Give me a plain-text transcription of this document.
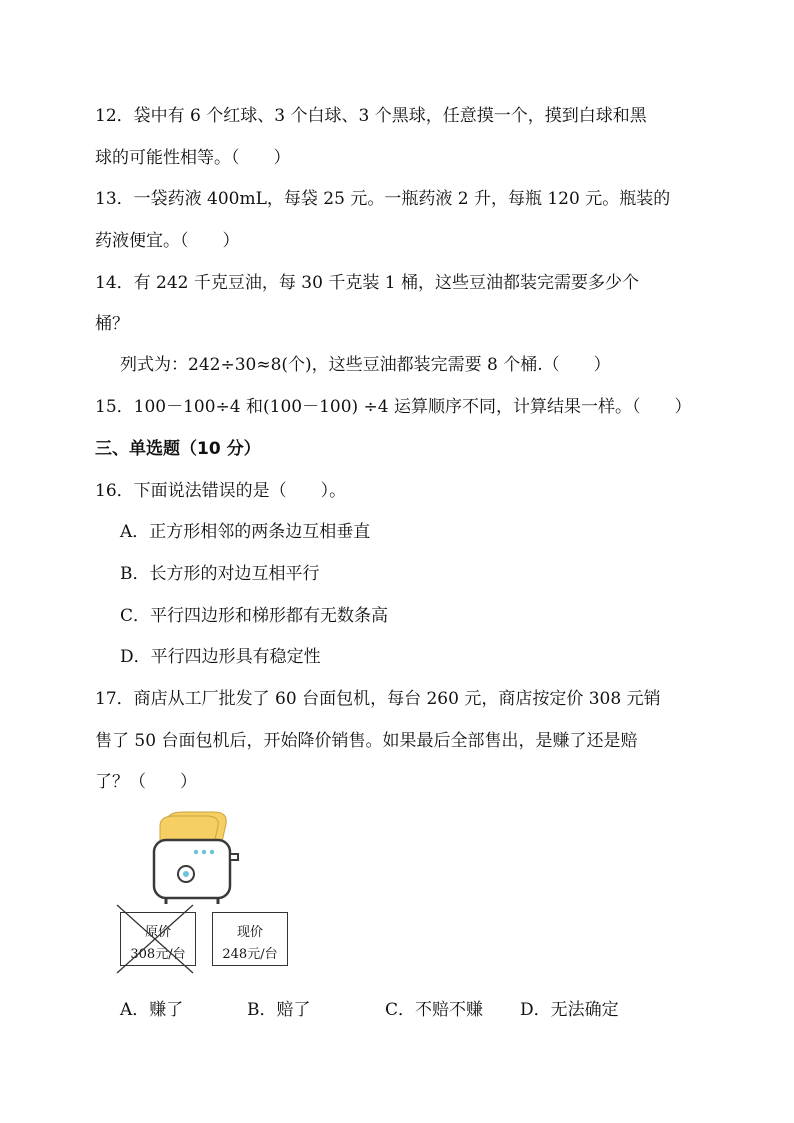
12．袋中有 6 个红球、3 个白球、3 个黑球，任意摸一个，摸到白球和黑
球的可能性相等。（　　）
13．一袋药液 400mL，每袋 25 元。一瓶药液 2 升，每瓶 120 元。瓶装的
药液便宜。（　　）
14．有 242 千克豆油，每 30 千克装 1 桶，这些豆油都装完需要多少个
桶？
列式为：242÷30≈8(个)，这些豆油都装完需要 8 个桶.（　　）
15．100－100÷4 和(100－100) ÷4 运算顺序不同，计算结果一样。（　　）
三、单选题（10 分）
16．下面说法错误的是（　　）。
A．正方形相邻的两条边互相垂直
B．长方形的对边互相平行
C．平行四边形和梯形都有无数条高
D．平行四边形具有稳定性
17．商店从工厂批发了 60 台面包机，每台 260 元，商店按定价 308 元销
售了 50 台面包机后，开始降价销售。如果最后全部售出，是赚了还是赔
了？（　　）
原价
308元/台
现价
248元/台
A．赚了	B．赔了	C．不赔不赚 D．无法确定
